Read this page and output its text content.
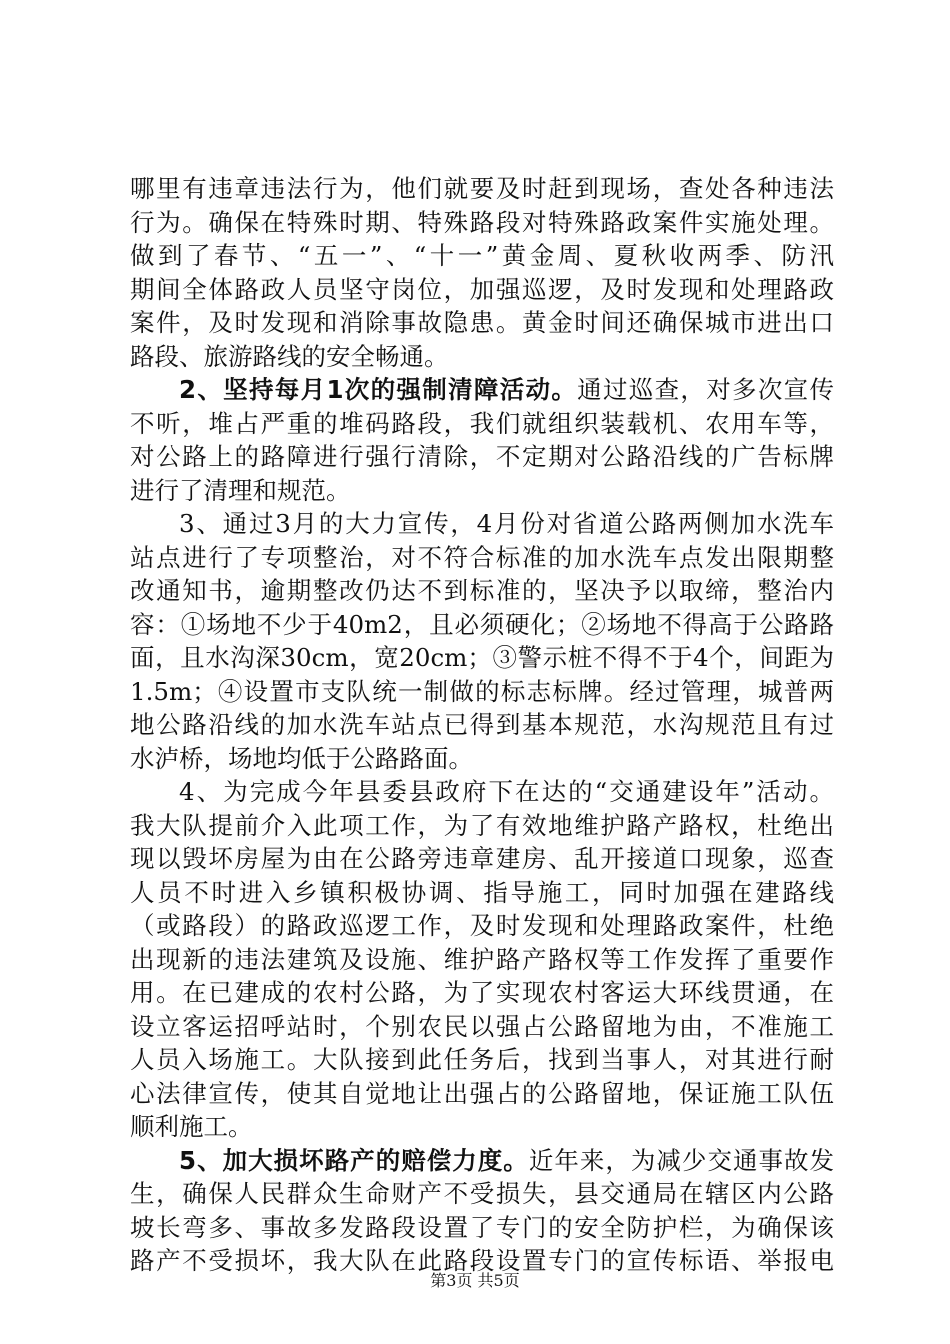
哪里有违章违法行为，他们就要及时赶到现场，查处各种违法
行为。确保在特殊时期、特殊路段对特殊路政案件实施处理。
做到了春节、“五一”、“十一”黄金周、夏秋收两季、防汛
期间全体路政人员坚守岗位，加强巡逻，及时发现和处理路政
案件，及时发现和消除事故隐患。黄金时间还确保城市进出口
路段、旅游路线的安全畅通。
2、坚持每月1次的强制清障活动。通过巡查，对多次宣传
不听，堆占严重的堆码路段，我们就组织装载机、农用车等，
对公路上的路障进行强行清除，不定期对公路沿线的广告标牌
进行了清理和规范。
3、通过3月的大力宣传，4月份对省道公路两侧加水洗车
站点进行了专项整治，对不符合标准的加水洗车点发出限期整
改通知书，逾期整改仍达不到标准的，坚决予以取缔，整治内
容：①场地不少于40m2，且必须硬化；②场地不得高于公路路
面，且水沟深30cm，宽20cm；③警示桩不得不于4个，间距为
1.5m；④设置市支队统一制做的标志标牌。经过管理，城普两
地公路沿线的加水洗车站点已得到基本规范，水沟规范且有过
水泸桥，场地均低于公路路面。
4、为完成今年县委县政府下在达的“交通建设年”活动。
我大队提前介入此项工作，为了有效地维护路产路权，杜绝出
现以毁坏房屋为由在公路旁违章建房、乱开接道口现象，巡查
人员不时进入乡镇积极协调、指导施工，同时加强在建路线
（或路段）的路政巡逻工作，及时发现和处理路政案件，杜绝
出现新的违法建筑及设施、维护路产路权等工作发挥了重要作
用。在已建成的农村公路，为了实现农村客运大环线贯通，在
设立客运招呼站时，个别农民以强占公路留地为由，不准施工
人员入场施工。大队接到此任务后，找到当事人，对其进行耐
心法律宣传，使其自觉地让出强占的公路留地，保证施工队伍
顺利施工。
5、加大损坏路产的赔偿力度。近年来，为减少交通事故发
生，确保人民群众生命财产不受损失，县交通局在辖区内公路
坡长弯多、事故多发路段设置了专门的安全防护栏，为确保该
路产不受损坏，我大队在此路段设置专门的宣传标语、举报电
第3页 共5页
